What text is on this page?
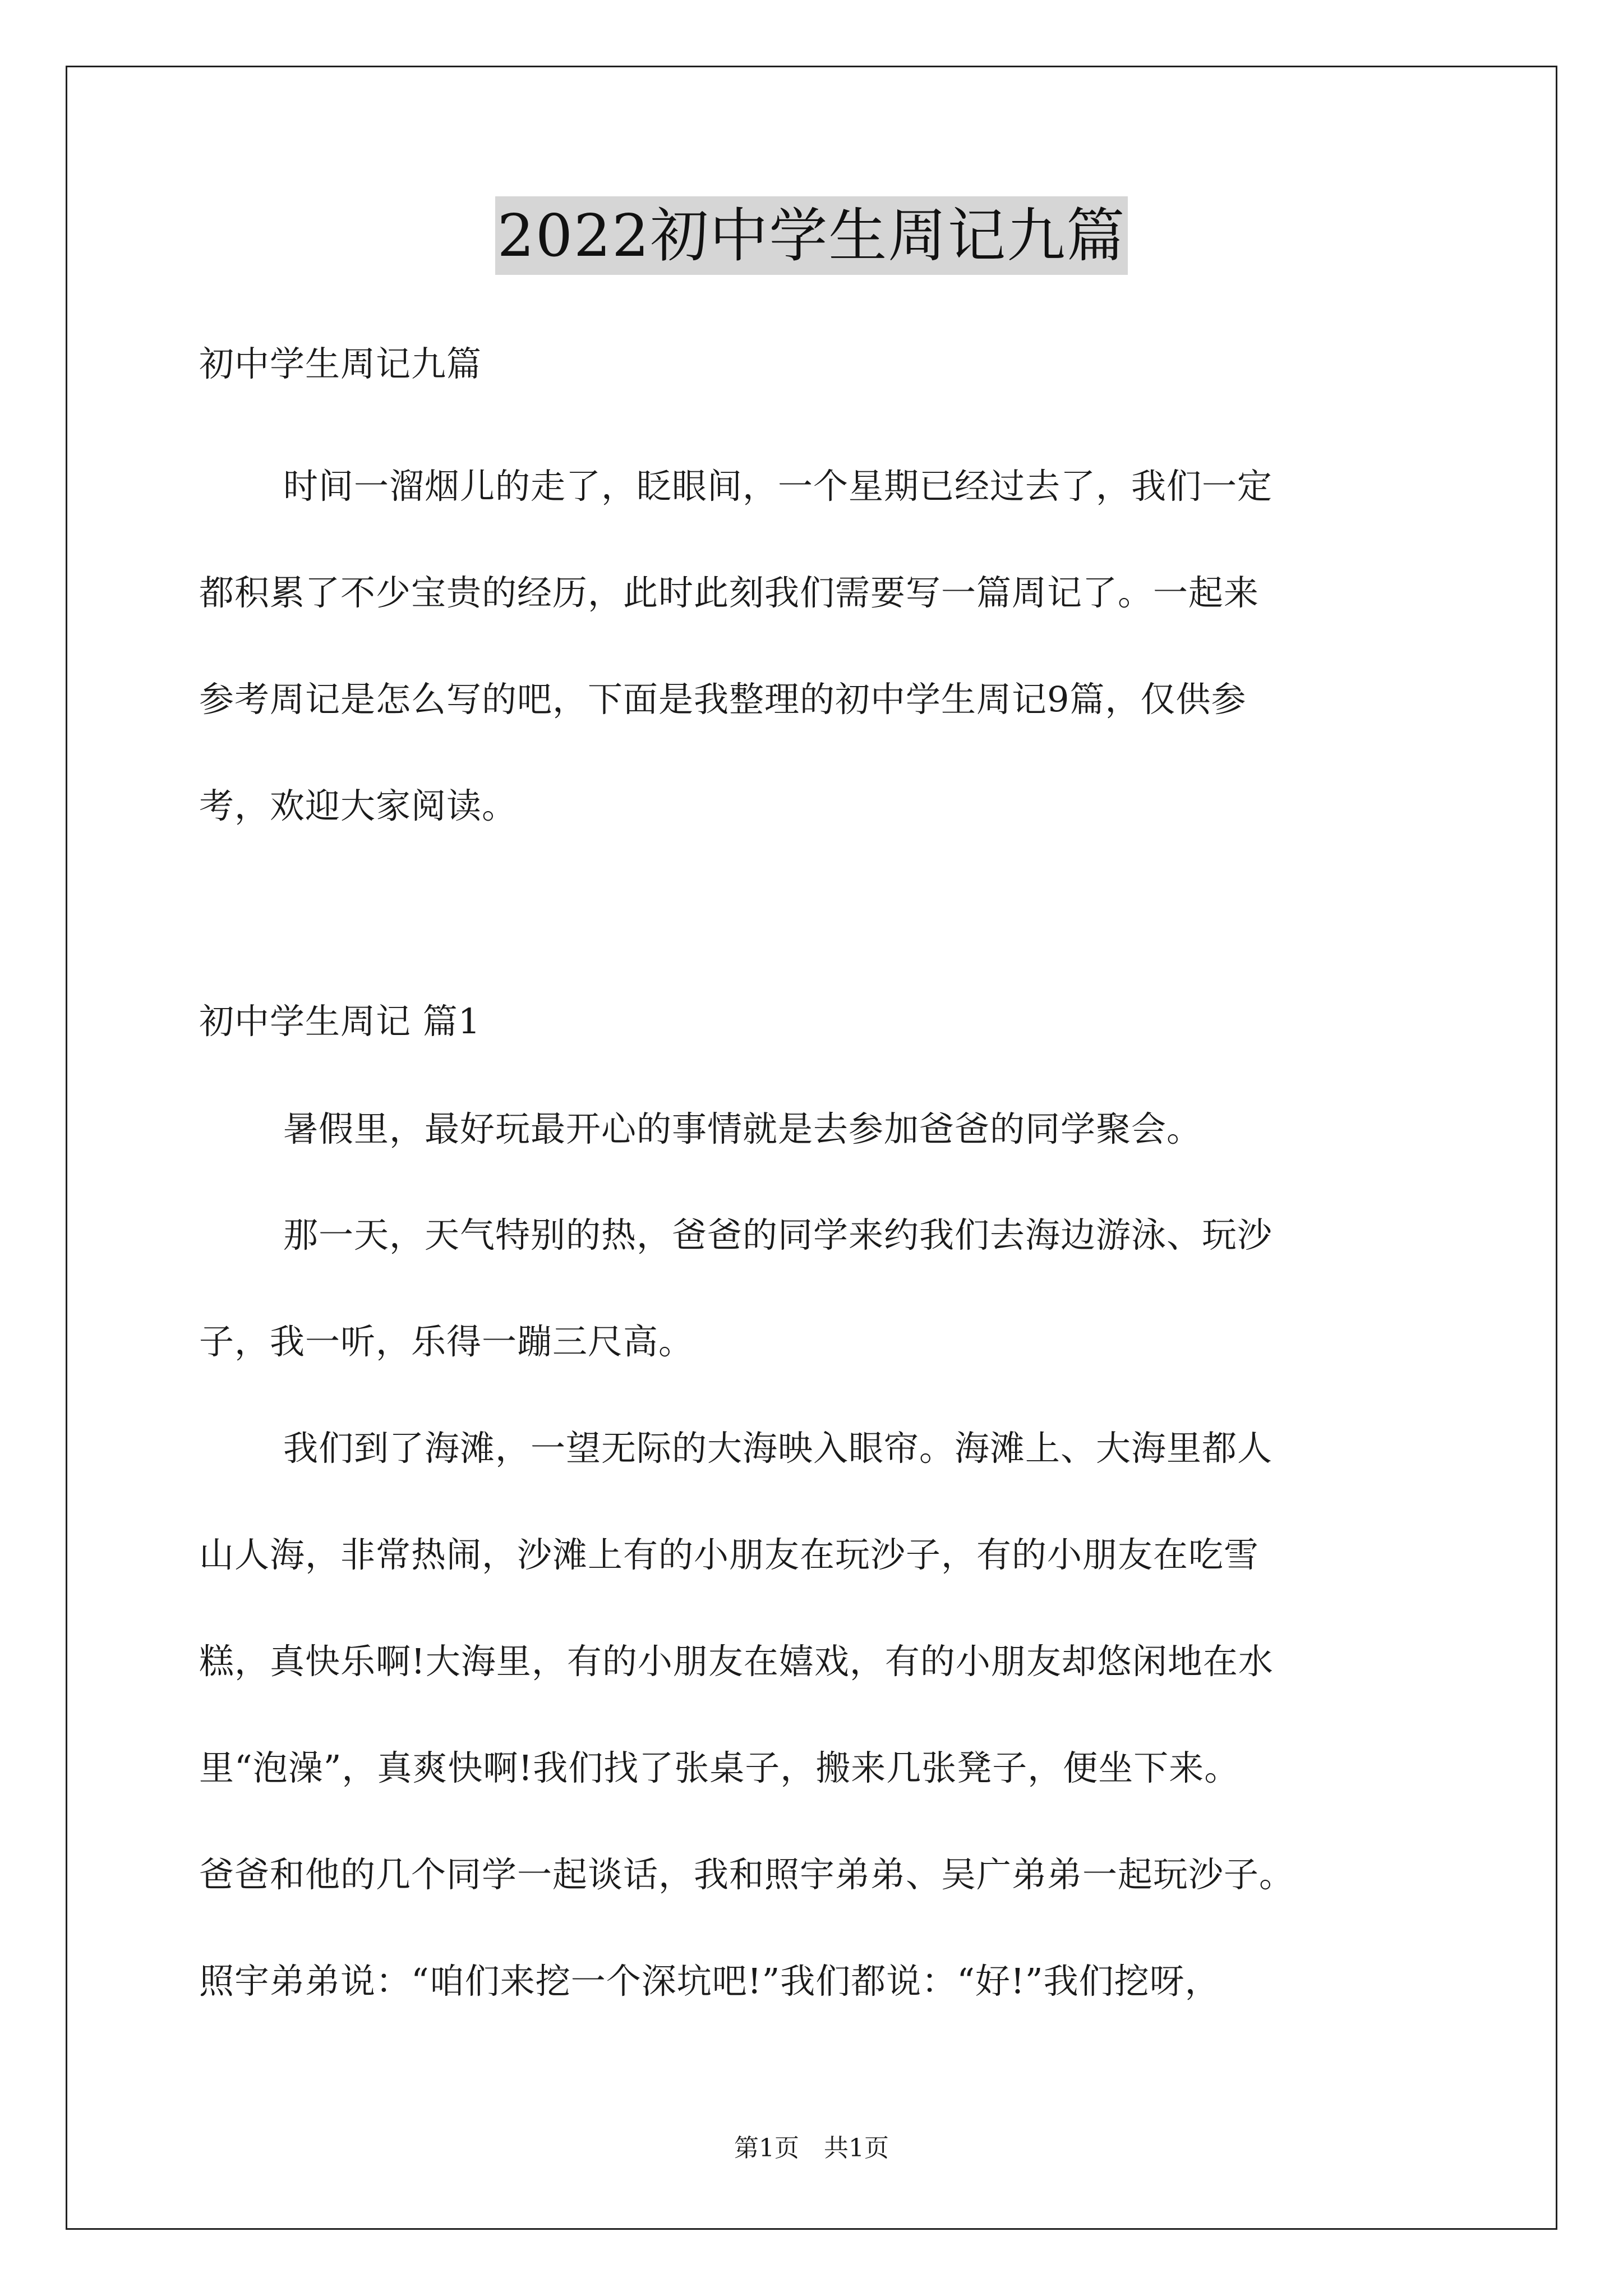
2022初中学生周记九篇
初中学生周记九篇
时间一溜烟儿的走了，眨眼间，一个星期已经过去了，我们一定
都积累了不少宝贵的经历，此时此刻我们需要写一篇周记了。一起来
参考周记是怎么写的吧，下面是我整理的初中学生周记9篇，仅供参
考，欢迎大家阅读。
初中学生周记 篇1
暑假里，最好玩最开心的事情就是去参加爸爸的同学聚会。
那一天，天气特别的热，爸爸的同学来约我们去海边游泳、玩沙
子，我一听，乐得一蹦三尺高。
我们到了海滩，一望无际的大海映入眼帘。海滩上、大海里都人
山人海，非常热闹，沙滩上有的小朋友在玩沙子，有的小朋友在吃雪
糕，真快乐啊!大海里，有的小朋友在嬉戏，有的小朋友却悠闲地在水
里“泡澡”，真爽快啊!我们找了张桌子，搬来几张凳子，便坐下来。
爸爸和他的几个同学一起谈话，我和照宇弟弟、吴广弟弟一起玩沙子。
照宇弟弟说：“咱们来挖一个深坑吧!”我们都说：“好!”我们挖呀，
第1页　共1页
